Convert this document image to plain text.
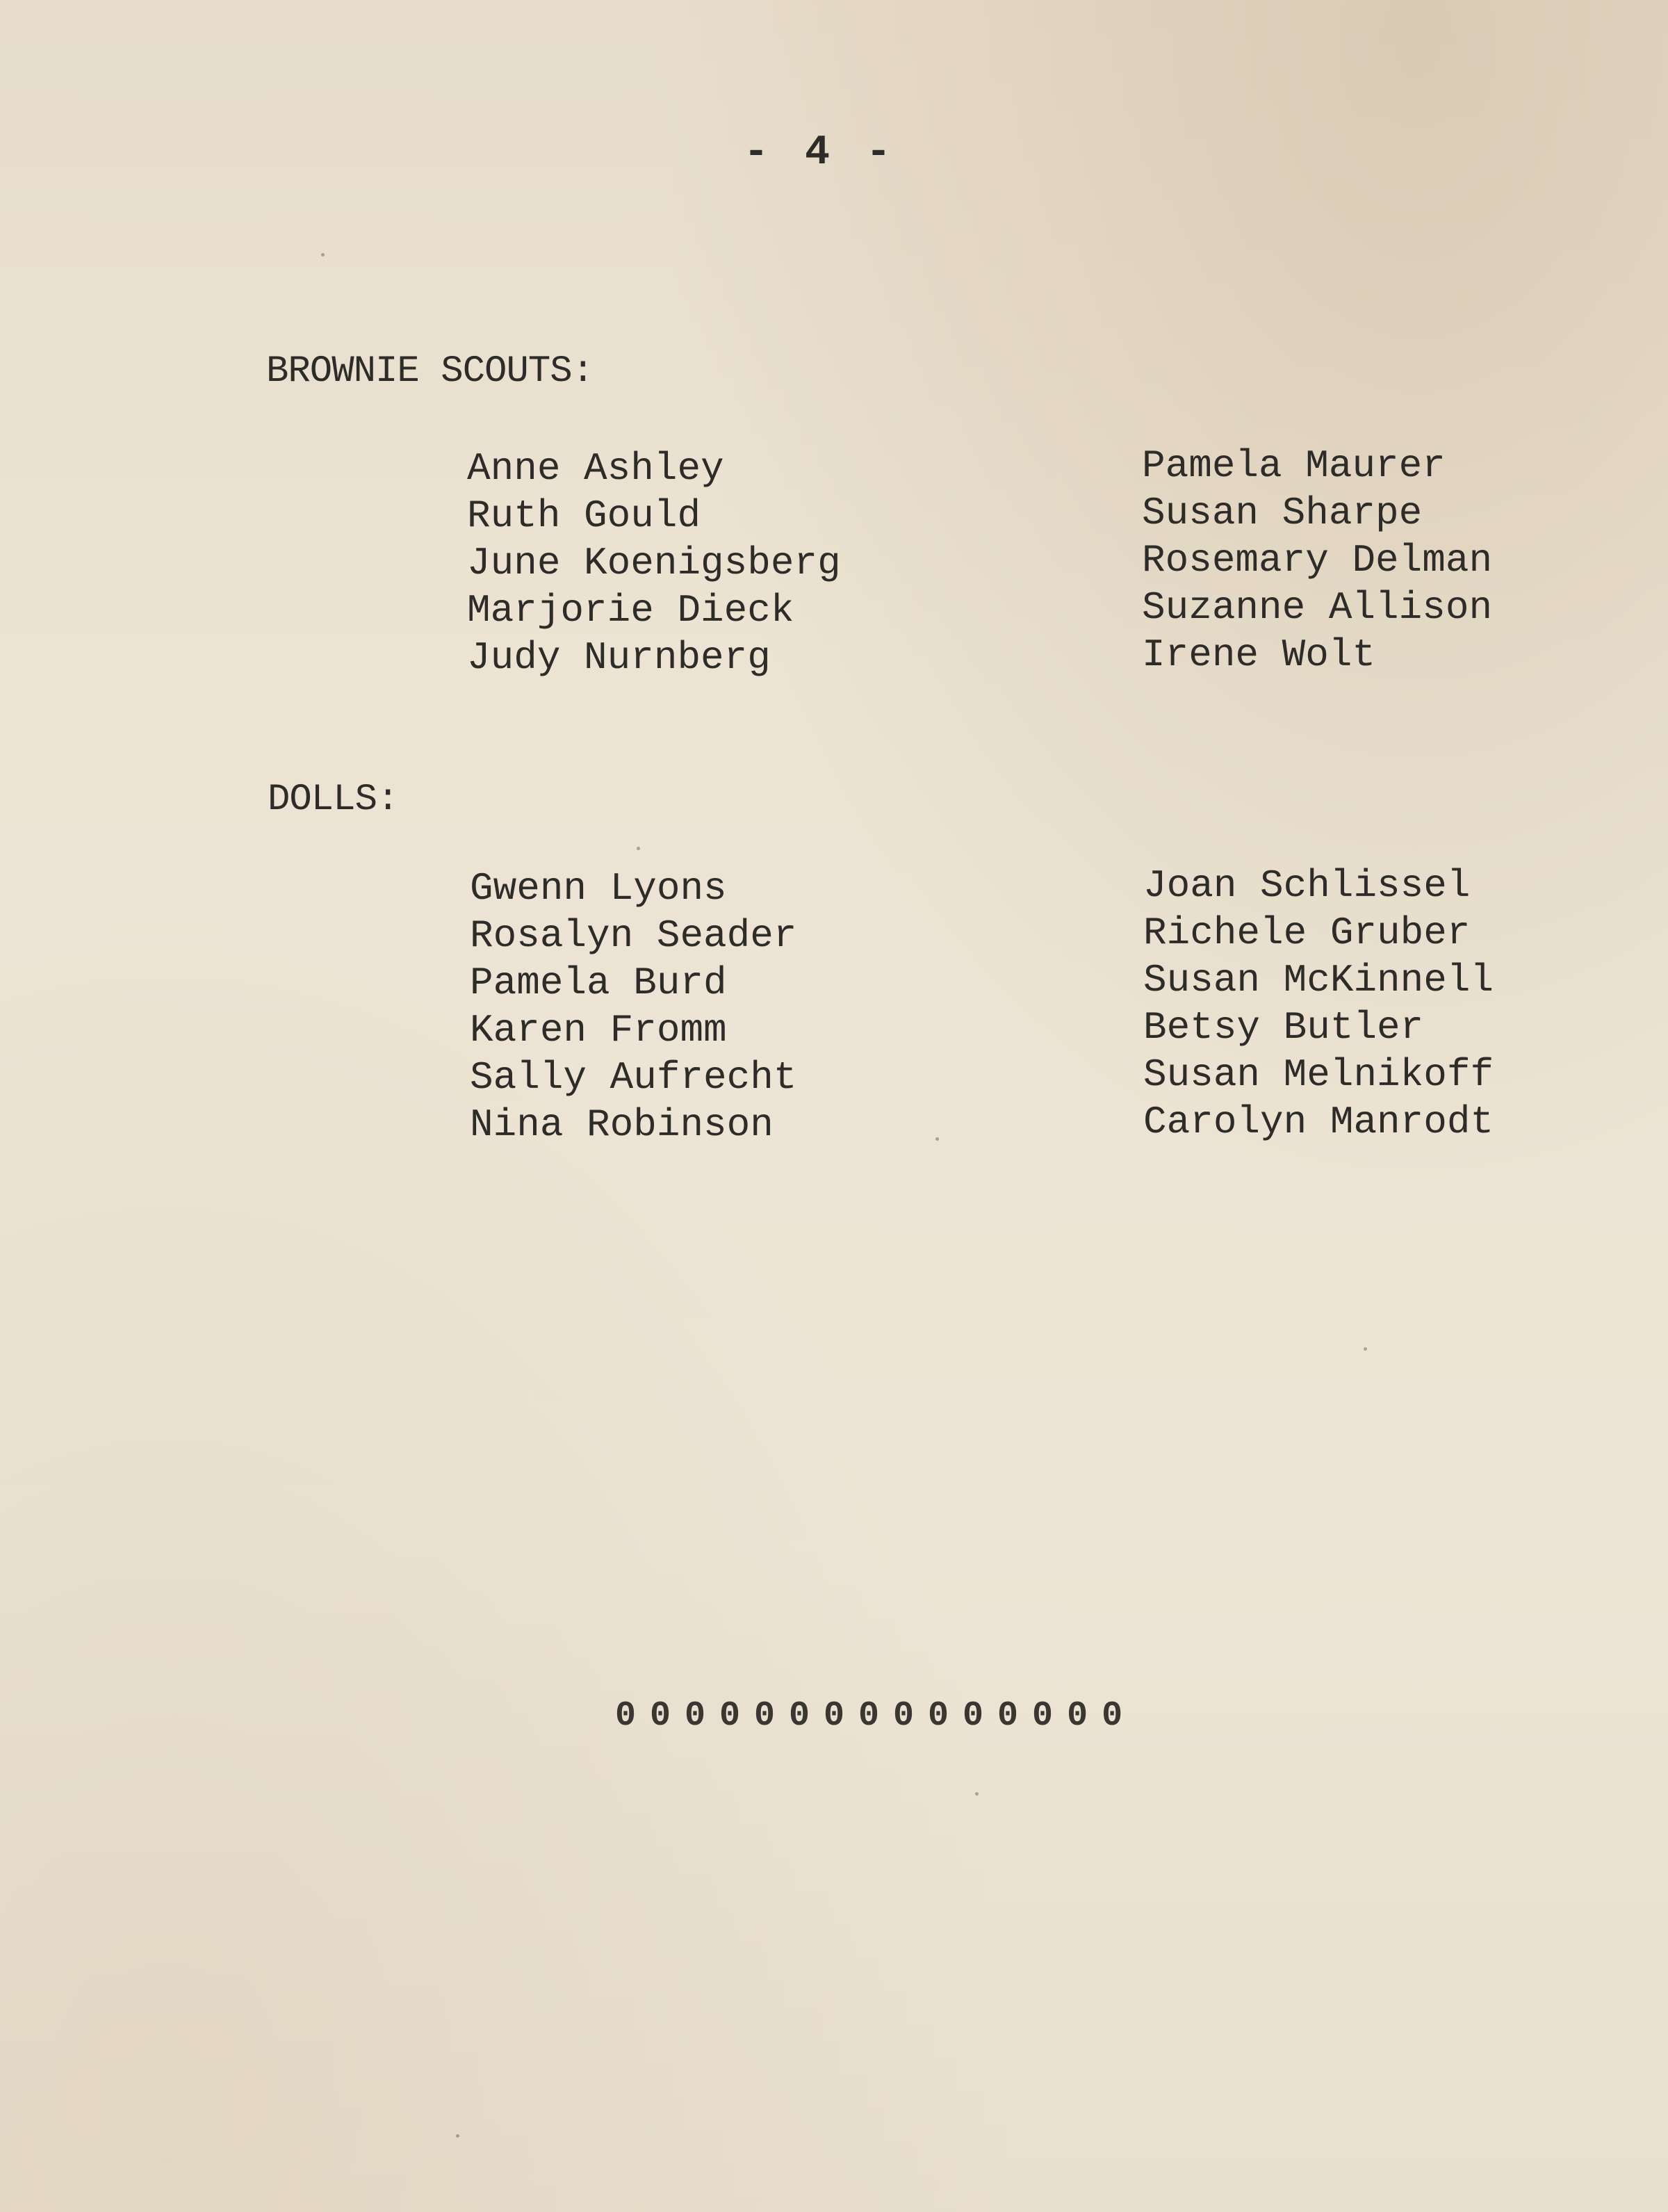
- 4 -
BROWNIE SCOUTS:
Anne Ashley
Ruth Gould
June Koenigsberg
Marjorie Dieck
Judy Nurnberg
Pamela Maurer
Susan Sharpe
Rosemary Delman
Suzanne Allison
Irene Wolt
DOLLS:
Gwenn Lyons
Rosalyn Seader
Pamela Burd
Karen Fromm
Sally Aufrecht
Nina Robinson
Joan Schlissel
Richele Gruber
Susan McKinnell
Betsy Butler
Susan Melnikoff
Carolyn Manrodt
000000000000000
